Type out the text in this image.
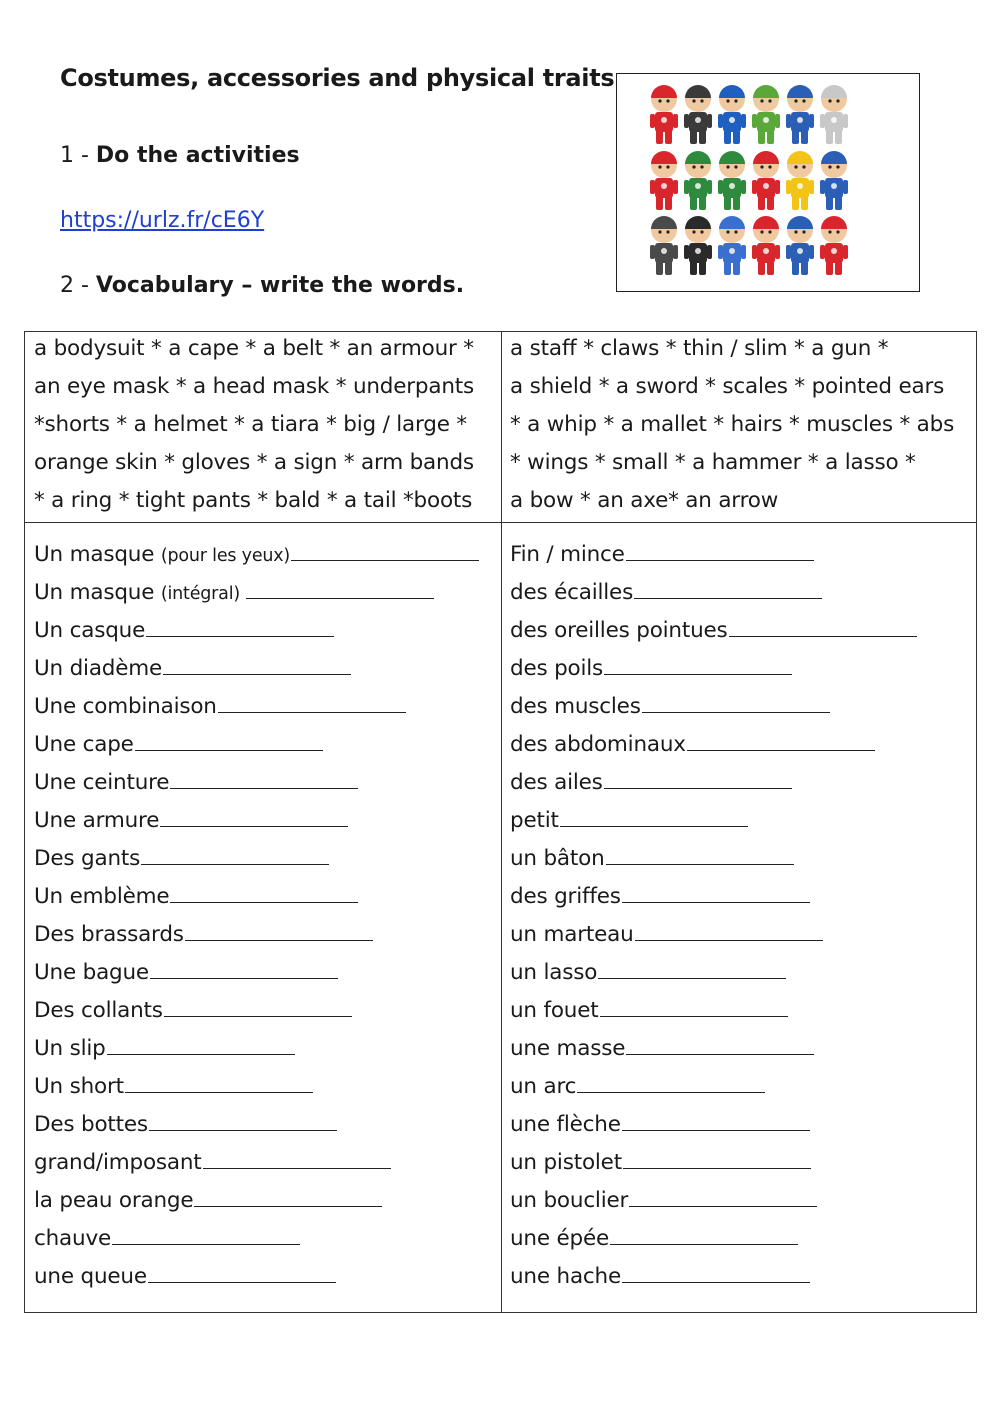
Costumes, accessories and physical traits
1 - Do the activities
https://urlz.fr/cE6Y
2 - Vocabulary – write the words.
a bodysuit * a cape * a belt * an armour *
an eye mask * a head mask * underpants
*shorts * a helmet * a tiara * big / large *
orange skin * gloves * a sign * arm bands
* a ring * tight pants * bald * a tail *boots
a staff * claws * thin / slim * a gun *
a shield * a sword * scales * pointed ears
* a whip * a mallet * hairs * muscles * abs
* wings * small * a hammer * a lasso *
a bow * an axe* an arrow
Un masque (pour les yeux)
Un masque (intégral)
Un casque
Un diadème
Une combinaison
Une cape
Une ceinture
Une armure
Des gants
Un emblème
Des brassards
Une bague
Des collants
Un slip
Un short
Des bottes
grand/imposant
la peau orange
chauve
une queue
Fin / mince
des écailles
des oreilles pointues
des poils
des muscles
des abdominaux
des ailes
petit
un bâton
des griffes
un marteau
un lasso
un fouet
une masse
un arc
une flèche
un pistolet
un bouclier
une épée
une hache
